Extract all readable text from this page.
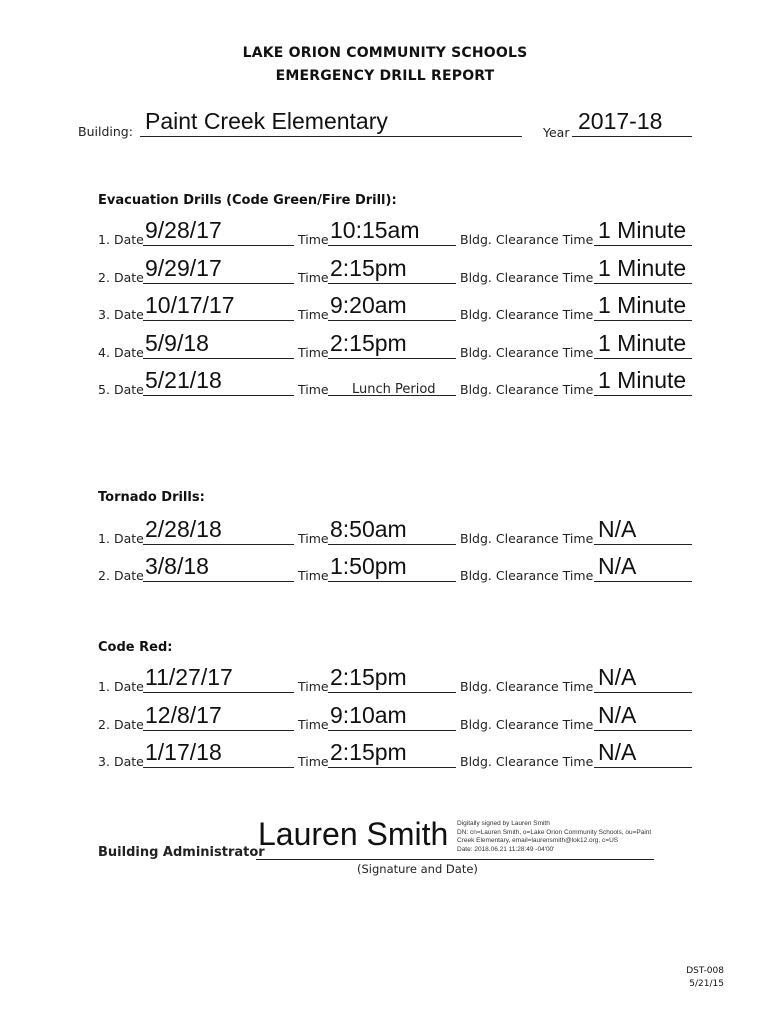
LAKE ORION COMMUNITY SCHOOLS
EMERGENCY DRILL REPORT
Building: Paint Creek Elementary	Year 2017-18
Evacuation Drills (Code Green/Fire Drill):
1. Date 9/28/17	Time 10:15am	Bldg. Clearance Time 1 Minute
2. Date 9/29/17	Time 2:15pm	Bldg. Clearance Time 1 Minute
3. Date 10/17/17	Time 9:20am	Bldg. Clearance Time 1 Minute
4. Date 5/9/18	Time 2:15pm	Bldg. Clearance Time 1 Minute
5. Date 5/21/18	Time Lunch Period Bldg. Clearance Time 1 Minute
Tornado Drills:
1. Date 2/28/18	Time 8:50am	Bldg. Clearance Time N/A
2. Date 3/8/18	Time 1:50pm	Bldg. Clearance Time N/A
Code Red:
1. Date 11/27/17	Time 2:15pm	Bldg. Clearance Time N/A
2. Date 12/8/17	Time 9:10am	Bldg. Clearance Time N/A
3. Date 1/17/18	Time 2:15pm	Bldg. Clearance Time N/A
Building Administrator
Lauren Smith Digitally signed by Lauren Smith
DN: cn=Lauren Smith, o=Lake Orion Community Schools, ou=Paint
Creek Elementary, email=laurensmith@lok12.org, c=US
Date: 2018.06.21 11:28:49 -04'00'
(Signature and Date)
DST-008
5/21/15
